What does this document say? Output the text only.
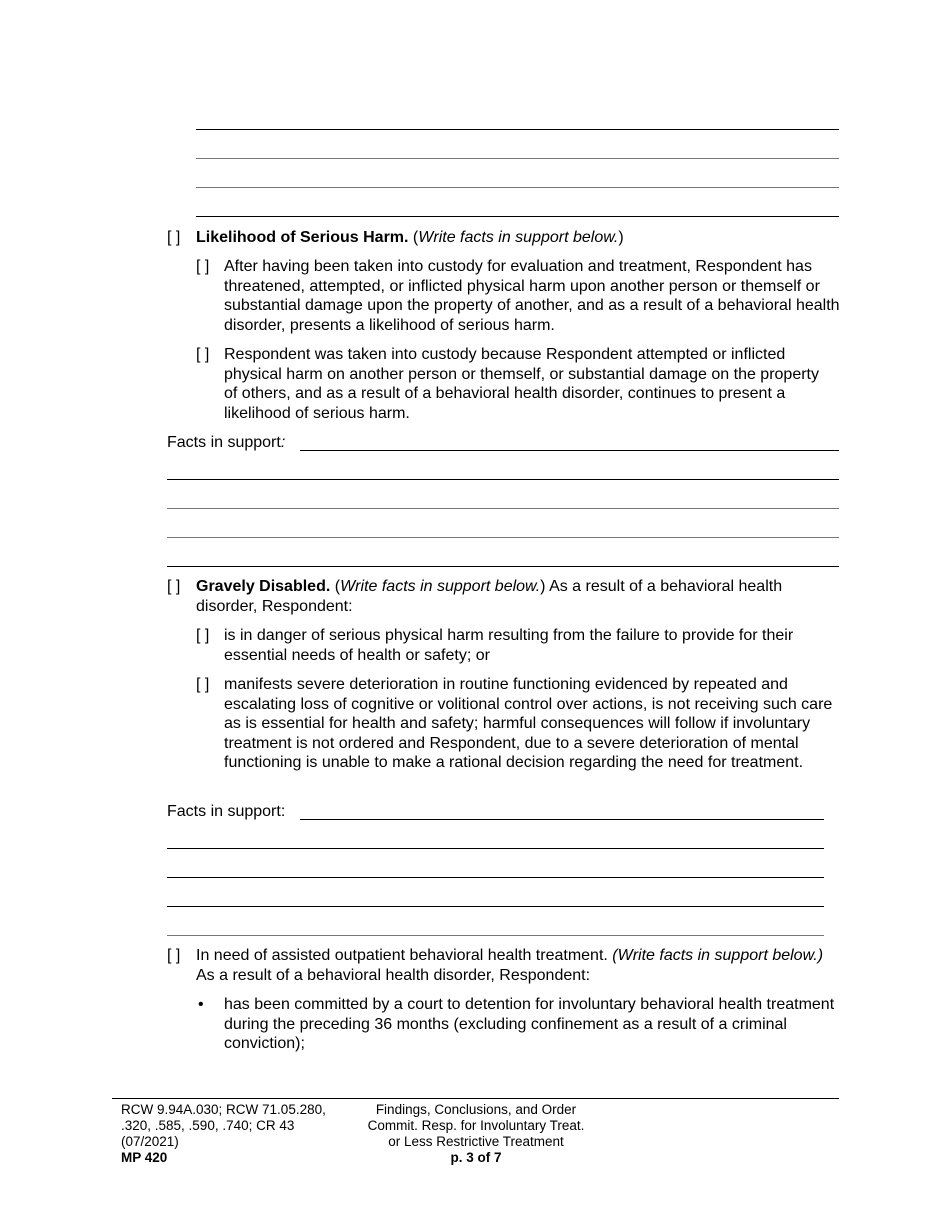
[ ] Likelihood of Serious Harm. (Write facts in support below.)
[ ] After having been taken into custody for evaluation and treatment, Respondent has threatened, attempted, or inflicted physical harm upon another person or themself or substantial damage upon the property of another, and as a result of a behavioral health disorder, presents a likelihood of serious harm.
[ ] Respondent was taken into custody because Respondent attempted or inflicted physical harm on another person or themself, or substantial damage on the property of others, and as a result of a behavioral health disorder, continues to present a likelihood of serious harm.
Facts in support:
[ ] Gravely Disabled. (Write facts in support below.) As a result of a behavioral health disorder, Respondent:
[ ] is in danger of serious physical harm resulting from the failure to provide for their essential needs of health or safety; or
[ ] manifests severe deterioration in routine functioning evidenced by repeated and escalating loss of cognitive or volitional control over actions, is not receiving such care as is essential for health and safety; harmful consequences will follow if involuntary treatment is not ordered and Respondent, due to a severe deterioration of mental functioning is unable to make a rational decision regarding the need for treatment.
Facts in support:
[ ] In need of assisted outpatient behavioral health treatment. (Write facts in support below.) As a result of a behavioral health disorder, Respondent:
• has been committed by a court to detention for involuntary behavioral health treatment during the preceding 36 months (excluding confinement as a result of a criminal conviction);
RCW 9.94A.030; RCW 71.05.280,
.320, .585, .590, .740; CR 43
(07/2021)
MP 420
Findings, Conclusions, and Order
Commit. Resp. for Involuntary Treat.
or Less Restrictive Treatment
p. 3 of 7
